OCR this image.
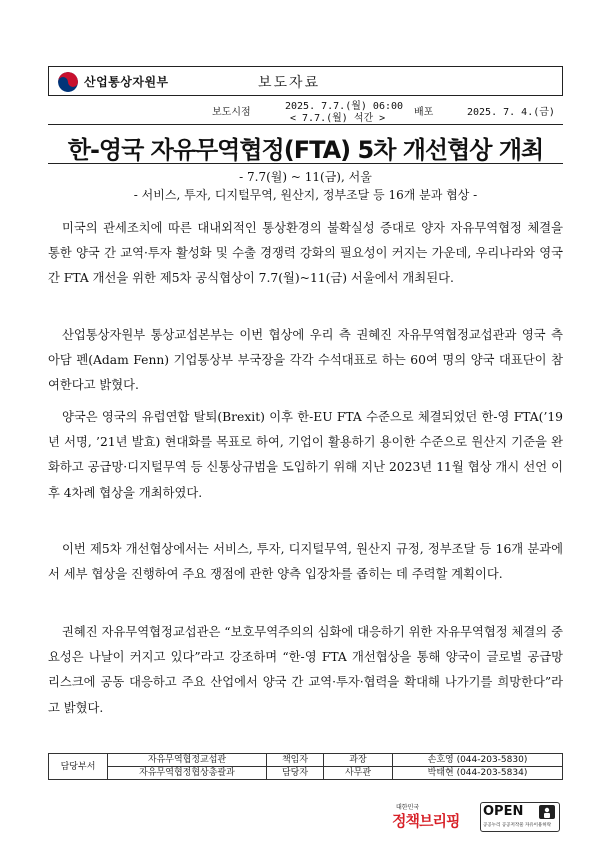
산업통상자원부	보도자료
보도시점
2025. 7.7.(월) 06:00
< 7.7.(월) 석간 >
배포	2025. 7. 4.(금)
한-영국 자유무역협정(FTA) 5차 개선협상 개최
- 7.7(월) ~ 11(금), 서울
- 서비스, 투자, 디지털무역, 원산지, 정부조달 등 16개 분과 협상 -

미국의 관세조치에 따른 대내외적인 통상환경의 불확실성 증대로 양자 자유무역협정 체결을 통한 양국 간 교역·투자 활성화 및 수출 경쟁력 강화의 필요성이 커지는 가운데, 우리나라와 영국 간 FTA 개선을 위한 제5차 공식협상이 7.7(월)~11(금) 서울에서 개최된다.

산업통상자원부 통상교섭본부는 이번 협상에 우리 측 권혜진 자유무역협정교섭관과 영국 측 아담 펜(Adam Fenn) 기업통상부 부국장을 각각 수석대표로 하는 60여 명의 양국 대표단이 참여한다고 밝혔다.

양국은 영국의 유럽연합 탈퇴(Brexit) 이후 한-EU FTA 수준으로 체결되었던 한-영 FTA(’19년 서명, ’21년 발효) 현대화를 목표로 하여, 기업이 활용하기 용이한 수준으로 원산지 기준을 완화하고 공급망·디지털무역 등 신통상규범을 도입하기 위해 지난 2023년 11월 협상 개시 선언 이후 4차례 협상을 개최하였다.

이번 제5차 개선협상에서는 서비스, 투자, 디지털무역, 원산지 규정, 정부조달 등 16개 분과에서 세부 협상을 진행하여 주요 쟁점에 관한 양측 입장차를 좁히는 데 주력할 계획이다.

권혜진 자유무역협정교섭관은 “보호무역주의의 심화에 대응하기 위한 자유무역협정 체결의 중요성은 나날이 커지고 있다”라고 강조하며 “한-영 FTA 개선협상을 통해 양국이 글로벌 공급망 리스크에 공동 대응하고 주요 산업에서 양국 간 교역·투자·협력을 확대해 나가기를 희망한다”라고 밝혔다.

담당부서	자유무역협정교섭관	책임자	과장	손호영 (044-203-5830)
	자유무역협정협상총괄과	담당자	사무관	박태현 (044-203-5834)
대한민국
정책브리핑
OPEN
공공누리 공공저작물 자유이용허락
